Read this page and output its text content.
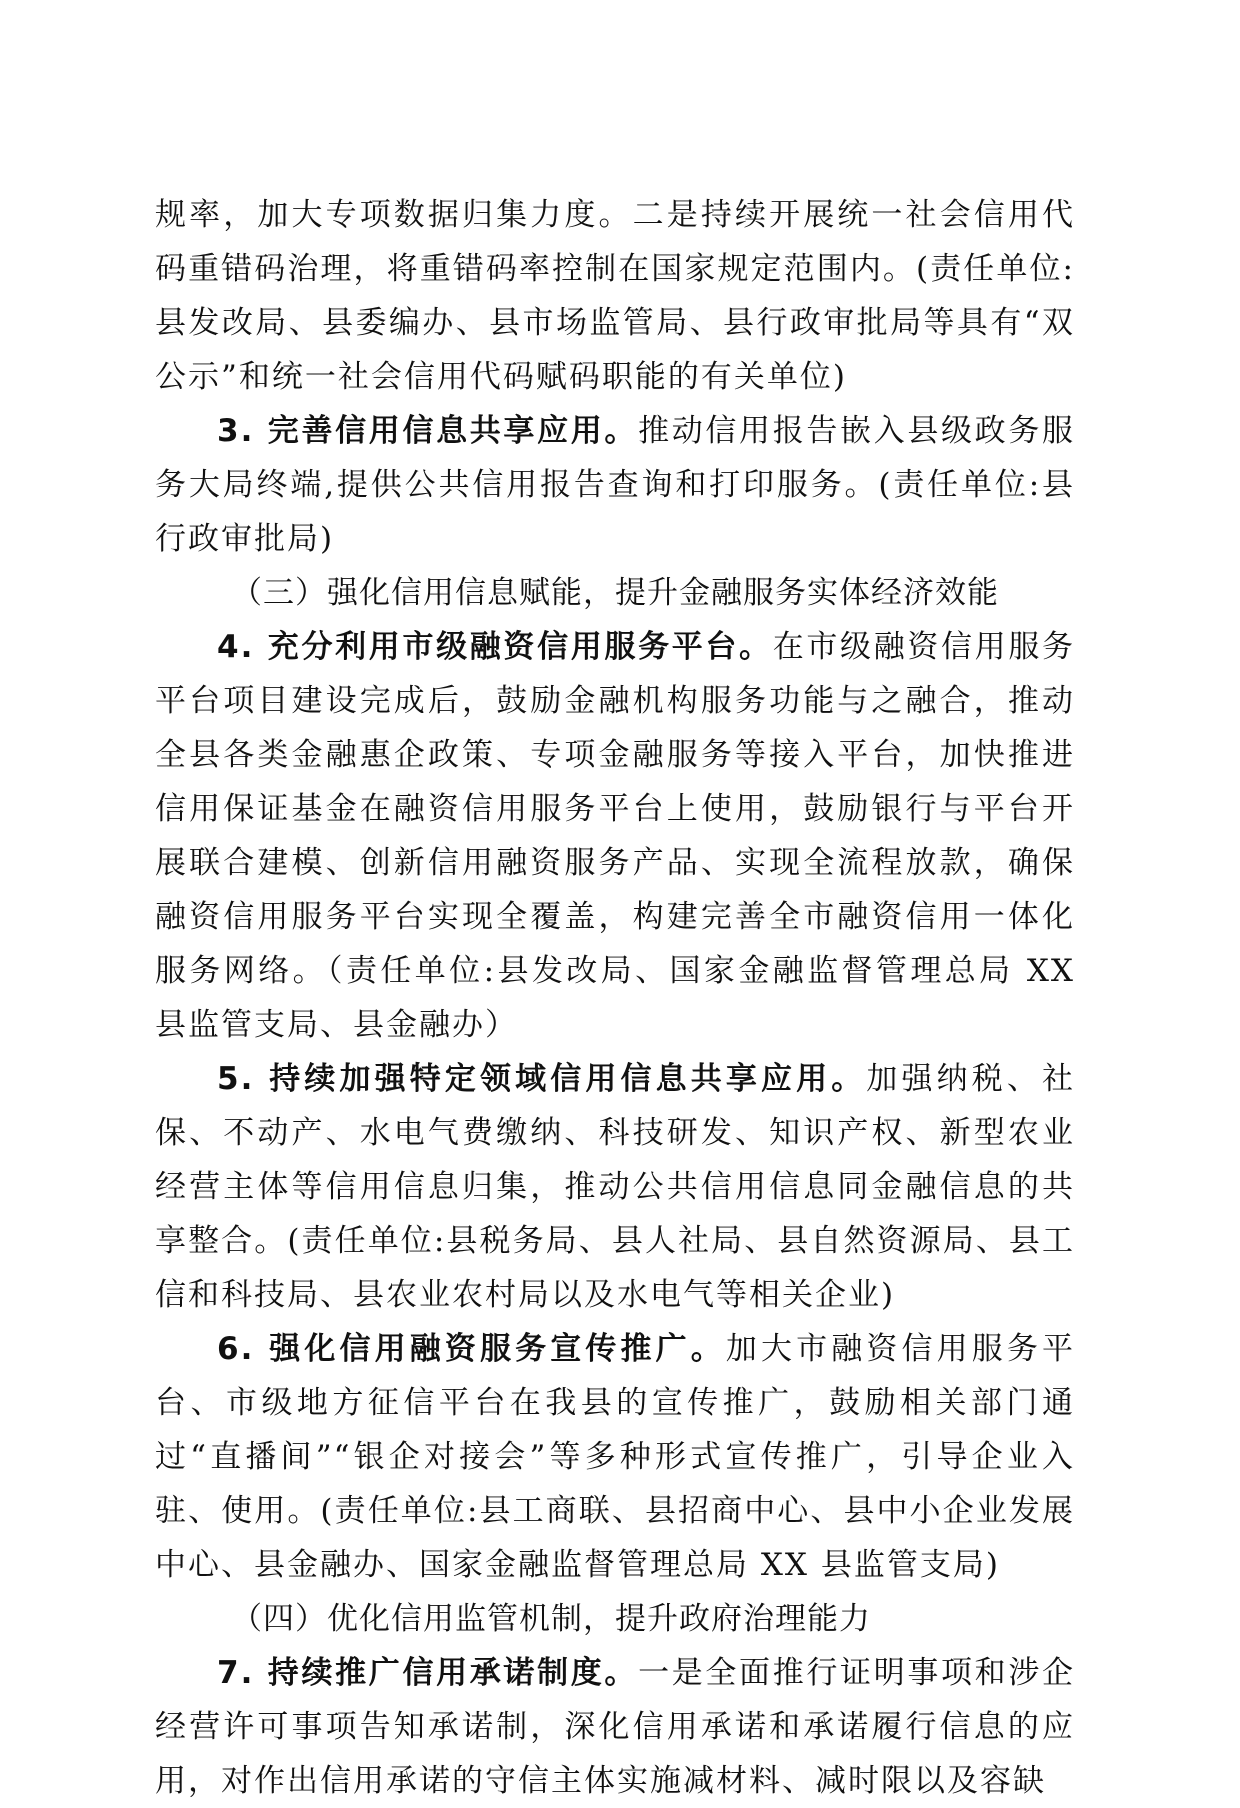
规率，加大专项数据归集力度。二是持续开展统一社会信用代码重错码治理，将重错码率控制在国家规定范围内。(责任单位:县发改局、县委编办、县市场监管局、县行政审批局等具有“双公示”和统一社会信用代码赋码职能的有关单位)

3. 完善信用信息共享应用。推动信用报告嵌入县级政务服务大局终端,提供公共信用报告查询和打印服务。(责任单位:县行政审批局)

（三）强化信用信息赋能，提升金融服务实体经济效能

4. 充分利用市级融资信用服务平台。在市级融资信用服务平台项目建设完成后，鼓励金融机构服务功能与之融合，推动全县各类金融惠企政策、专项金融服务等接入平台，加快推进信用保证基金在融资信用服务平台上使用，鼓励银行与平台开展联合建模、创新信用融资服务产品、实现全流程放款，确保融资信用服务平台实现全覆盖，构建完善全市融资信用一体化服务网络。（责任单位:县发改局、国家金融监督管理总局 XX 县监管支局、县金融办）

5. 持续加强特定领域信用信息共享应用。加强纳税、社保、不动产、水电气费缴纳、科技研发、知识产权、新型农业经营主体等信用信息归集，推动公共信用信息同金融信息的共享整合。(责任单位:县税务局、县人社局、县自然资源局、县工信和科技局、县农业农村局以及水电气等相关企业)

6. 强化信用融资服务宣传推广。加大市融资信用服务平台、市级地方征信平台在我县的宣传推广，鼓励相关部门通过“直播间”“银企对接会”等多种形式宣传推广，引导企业入驻、使用。(责任单位:县工商联、县招商中心、县中小企业发展中心、县金融办、国家金融监督管理总局 XX 县监管支局)

（四）优化信用监管机制，提升政府治理能力

7. 持续推广信用承诺制度。一是全面推行证明事项和涉企经营许可事项告知承诺制，深化信用承诺和承诺履行信息的应用，对作出信用承诺的守信主体实施减材料、减时限以及容缺
